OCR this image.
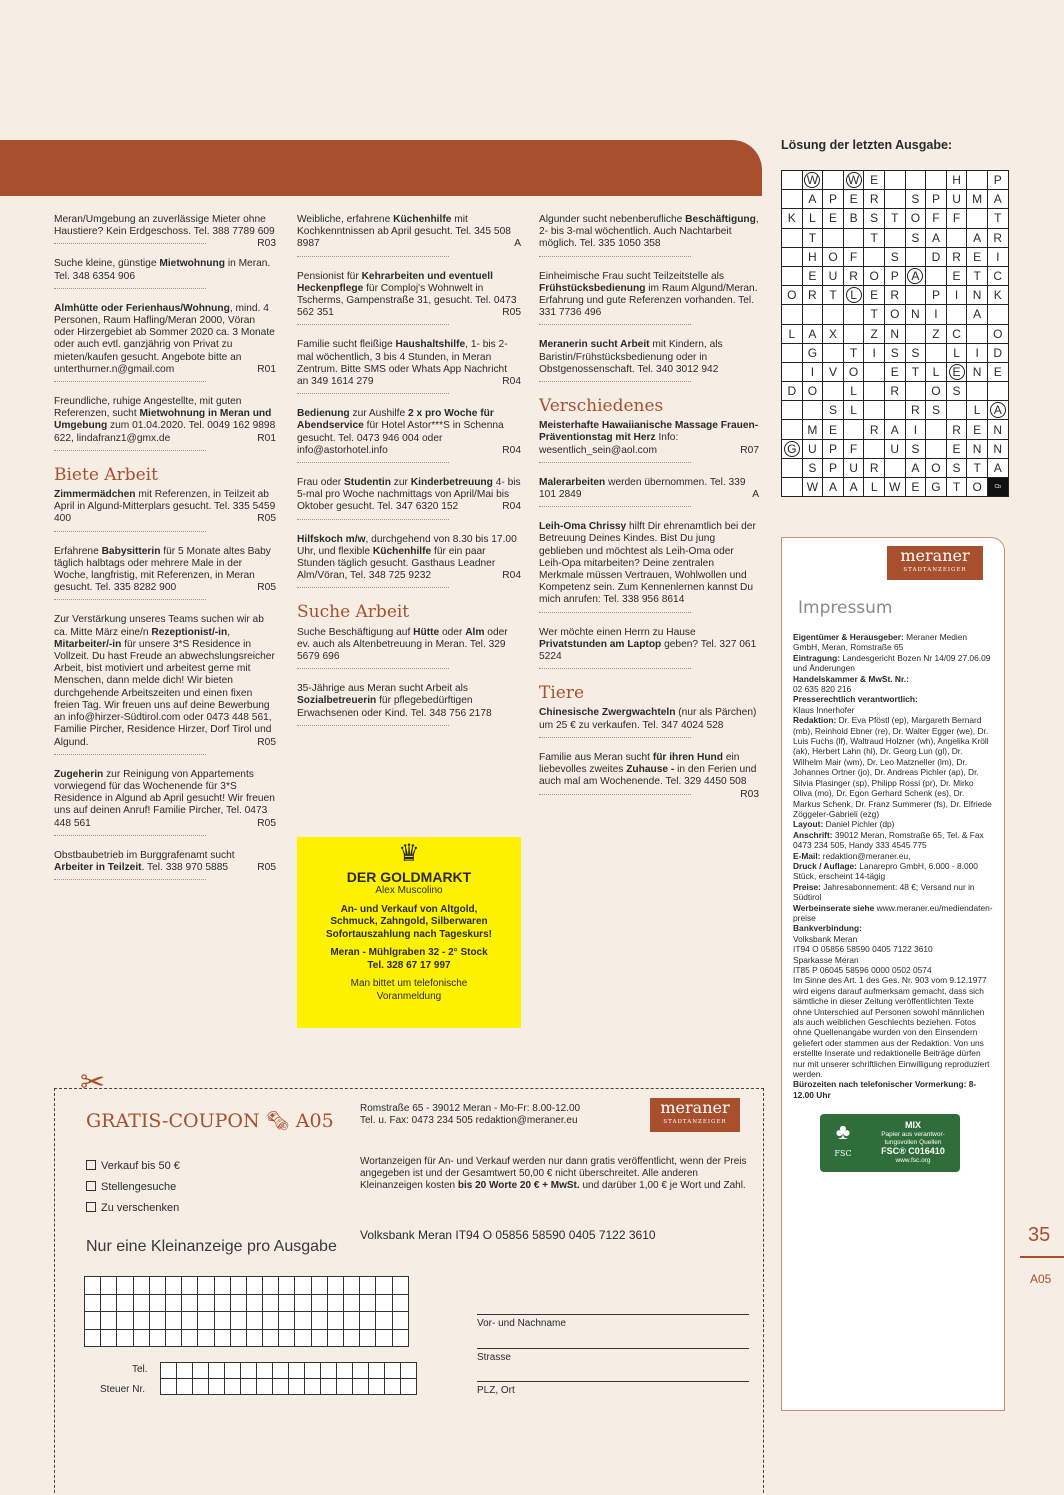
Meran/Umgebung an zuverlässige Mieter ohne Haustiere? Kein Erdgeschoss. Tel. 388 7789 609
R03
Suche kleine, günstige Mietwohnung in Meran. Tel. 348 6354 906
Almhütte oder Ferienhaus/Wohnung, mind. 4 Personen, Raum Hafling/Meran 2000, Vöran oder Hirzergebiet ab Sommer 2020 ca. 3 Monate oder auch evtl. ganzjährig von Privat zu mieten/kaufen gesucht. Angebote bitte an unterthurner.n@gmail.com	R01
Freundliche, ruhige Angestellte, mit guten Referenzen, sucht Mietwohnung in Meran und Umgebung zum 01.04.2020. Tel. 0049 162 9898 622, lindafranz1@gmx.de	R01
Biete Arbeit
Zimmermädchen mit Referenzen, in Teilzeit ab April in Algund-Mitterplars gesucht. Tel. 335 5459 400	R05
Erfahrene Babysitterin für 5 Monate altes Baby täglich halbtags oder mehrere Male in der Woche, langfristig, mit Referenzen, in Meran gesucht. Tel. 335 8282 900	R05
Zur Verstärkung unseres Teams suchen wir ab ca. Mitte März eine/n Rezeptionist/-in, Mitarbeiter/-in für unsere 3*S Residence in Vollzeit. Du hast Freude an abwechslungsreicher Arbeit, bist motiviert und arbeitest gerne mit Menschen, dann melde dich! Wir bieten durchgehende Arbeitszeiten und einen fixen freien Tag. Wir freuen uns auf deine Bewerbung an info@hirzer-Südtirol.com oder 0473 448 561, Familie Pircher, Residence Hirzer, Dorf Tirol und Algund.	R05
Zugeherin zur Reinigung von Appartements vorwiegend für das Wochenende für 3*S Residence in Algund ab April gesucht! Wir freuen uns auf deinen Anruf! Familie Pircher, Tel. 0473 448 561	R05
Obstbaubetrieb im Burggrafenamt sucht Arbeiter in Teilzeit. Tel. 338 970 5885	R05
Weibliche, erfahrene Küchenhilfe mit Kochkenntnissen ab April gesucht. Tel. 345 508 8987	A
Pensionist für Kehrarbeiten und eventuell Heckenpflege für Comploj's Wohnwelt in Tscherms, Gampenstraße 31, gesucht. Tel. 0473 562 351	R05
Familie sucht fleißige Haushaltshilfe, 1- bis 2-mal wöchentlich, 3 bis 4 Stunden, in Meran Zentrum. Bitte SMS oder Whats App Nachricht an 349 1614 279	R04
Bedienung zur Aushilfe 2 x pro Woche für Abendservice für Hotel Astor***S in Schenna gesucht. Tel. 0473 946 004 oder info@astorhotel.info	R04
Frau oder Studentin zur Kinderbetreuung 4- bis 5-mal pro Woche nachmittags von April/Mai bis Oktober gesucht. Tel. 347 6320 152	R04
Hilfskoch m/w, durchgehend von 8.30 bis 17.00 Uhr, und flexible Küchenhilfe für ein paar Stunden täglich gesucht. Gasthaus Leadner Alm/Vöran, Tel. 348 725 9232	R04
Suche Arbeit
Suche Beschäftigung auf Hütte oder Alm oder ev. auch als Altenbetreuung in Meran. Tel. 329 5679 696
35-Jährige aus Meran sucht Arbeit als Sozialbetreuerin für pflegebedürftigen Erwachsenen oder Kind. Tel. 348 756 2178
Algunder sucht nebenberufliche Beschäftigung, 2- bis 3-mal wöchentlich. Auch Nachtarbeit möglich. Tel. 335 1050 358
Einheimische Frau sucht Teilzeitstelle als Frühstücksbedienung im Raum Algund/Meran. Erfahrung und gute Referenzen vorhanden. Tel. 331 7736 496
Meranerin sucht Arbeit mit Kindern, als Baristin/Frühstücksbedienung oder in Obstgenossenschaft. Tel. 340 3012 942
Verschiedenes
Meisterhafte Hawaiianische Massage Frauen-Präventionstag mit Herz Info: wesentlich_sein@aol.com	R07
Malerarbeiten werden übernommen. Tel. 339 101 2849	A
Leih-Oma Chrissy hilft Dir ehrenamtlich bei der Betreuung Deines Kindes. Bist Du jung geblieben und möchtest als Leih-Oma oder Leih-Opa mitarbeiten? Deine zentralen Merkmale müssen Vertrauen, Wohlwollen und Kompetenz sein. Zum Kennenlernen kannst Du mich anrufen: Tel. 338 956 8614
Wer möchte einen Herrn zu Hause Privatstunden am Laptop geben? Tel. 327 061 5224
Tiere
Chinesische Zwergwachteln (nur als Pärchen) um 25 € zu verkaufen. Tel. 347 4024 528
Familie aus Meran sucht für ihren Hund ein liebevolles zweites Zuhause - in den Ferien und auch mal am Wochenende. Tel. 329 4450 508
R03
♛
DER GOLDMARKT
Alex Muscolino
An- und Verkauf von Altgold,
Schmuck, Zahngold, Silberwaren
Sofortauszahlung nach Tageskurs!
Meran - Mühlgraben 32 - 2° Stock
Tel. 328 67 17 997
Man bittet um telefonische
Voranmeldung
Lösung der letzten Ausgabe:
	W		W	E				H		P
	A	P	E	R		S	P	U	M	A
K	L	E	B	S	T	O	F	F		T
	T			T		S	A		A	R
	H	O	F		S		D	R	E	I
	E	U	R	O	P	A		E	T	C
O	R	T	L	E	R		P	I	N	K
				T	O	N	I		A	
L	A	X		Z	N		Z	C		O
	G		T	I	S	S		L	I	D
	I	V	O		E	T	L	E	N	E
D	O		L		R		O	S		
		S	L			R	S		L	A
	M	E		R	A	I		R	E	N
G	U	P	F		U	S		E	N	N
	S	P	U	R		A	O	S	T	A
	W	A	A	L	W	E	G	T	O	Cb
meraner
STADTANZEIGER
Impressum
Eigentümer & Herausgeber: Meraner Medien GmbH, Meran, Romstraße 65
Eintragung: Landesgericht Bozen Nr 14/09 27.06.09 und Änderungen
Handelskammer & MwSt. Nr.:
02 635 820 216
Presserechtlich verantwortlich:
Klaus Innerhofer
Redaktion: Dr. Eva Pföstl (ep), Margareth Bernard (mb), Reinhold Ebner (re), Dr. Walter Egger (we), Dr. Luis Fuchs (lf), Waltraud Holzner (wh), Angelika Kröll (ak), Herbert Lahn (hl), Dr. Georg Lun (gl), Dr. Wilhelm Mair (wm), Dr. Leo Matzneller (lm), Dr. Johannes Ortner (jo), Dr. Andreas Pichler (ap), Dr. Silvia Plasinger (sp), Philipp Rossi (pr), Dr. Mirko Oliva (mo), Dr. Egon Gerhard Schenk (es), Dr. Markus Schenk, Dr. Franz Summerer (fs), Dr. Elfriede Zöggeler-Gabrieli (ezg)
Layout: Daniel Pichler (dp)
Anschrift: 39012 Meran, Romstraße 65, Tel. & Fax 0473 234 505, Handy 333 4545 775
E-Mail: redaktion@meraner.eu,
Druck / Auflage: Lanarepro GmbH, 6.000 - 8.000 Stück, erscheint 14-tägig
Preise: Jahresabonnement: 48 €; Versand nur in Südtirol
Werbeinserate siehe www.meraner.eu/mediendaten-preise
Bankverbindung:
Volksbank Meran
IT94 O 05856 58590 0405 7122 3610
Sparkasse Meran
IT85 P 06045 58596 0000 0502 0574
Im Sinne des Art. 1 des Ges. Nr. 903 vom 9.12.1977 wird eigens darauf aufmerksam gemacht, dass sich sämtliche in dieser Zeitung veröffentlichten Texte ohne Unterschied auf Personen sowohl männlichen als auch weiblichen Geschlechts beziehen. Fotos ohne Quellenangabe wurden von den Einsendern geliefert oder stammen aus der Redaktion. Von uns erstellte Inserate und redaktionelle Beiträge dürfen nur mit unserer schriftlichen Einwilligung reproduziert werden.
Bürozeiten nach telefonischer Vormerkung: 8-12.00 Uhr
♣
FSC
MIX
Papier aus verantwor-
tungsvollen Quellen
FSC® C016410
www.fsc.org
35
A05
✂
GRATIS-COUPON 🗞 A05
Verkauf bis 50 €
Stellengesuche
Zu verschenken
Romstraße 65 - 39012 Meran - Mo-Fr: 8.00-12.00
Tel. u. Fax: 0473 234 505 redaktion@meraner.eu
meraner
STADTANZEIGER
Wortanzeigen für An- und Verkauf werden nur dann gratis veröffentlicht, wenn der Preis angegeben ist und der Gesamtwert 50,00 € nicht überschreitet. Alle anderen Kleinanzeigen kosten bis 20 Worte 20 € + MwSt. und darüber 1,00 € je Wort und Zahl.
Volksbank Meran IT94 O 05856 58590 0405 7122 3610
Nur eine Kleinanzeige pro Ausgabe

Tel.

Steuer Nr.
Vor- und Nachname
Strasse
PLZ, Ort
